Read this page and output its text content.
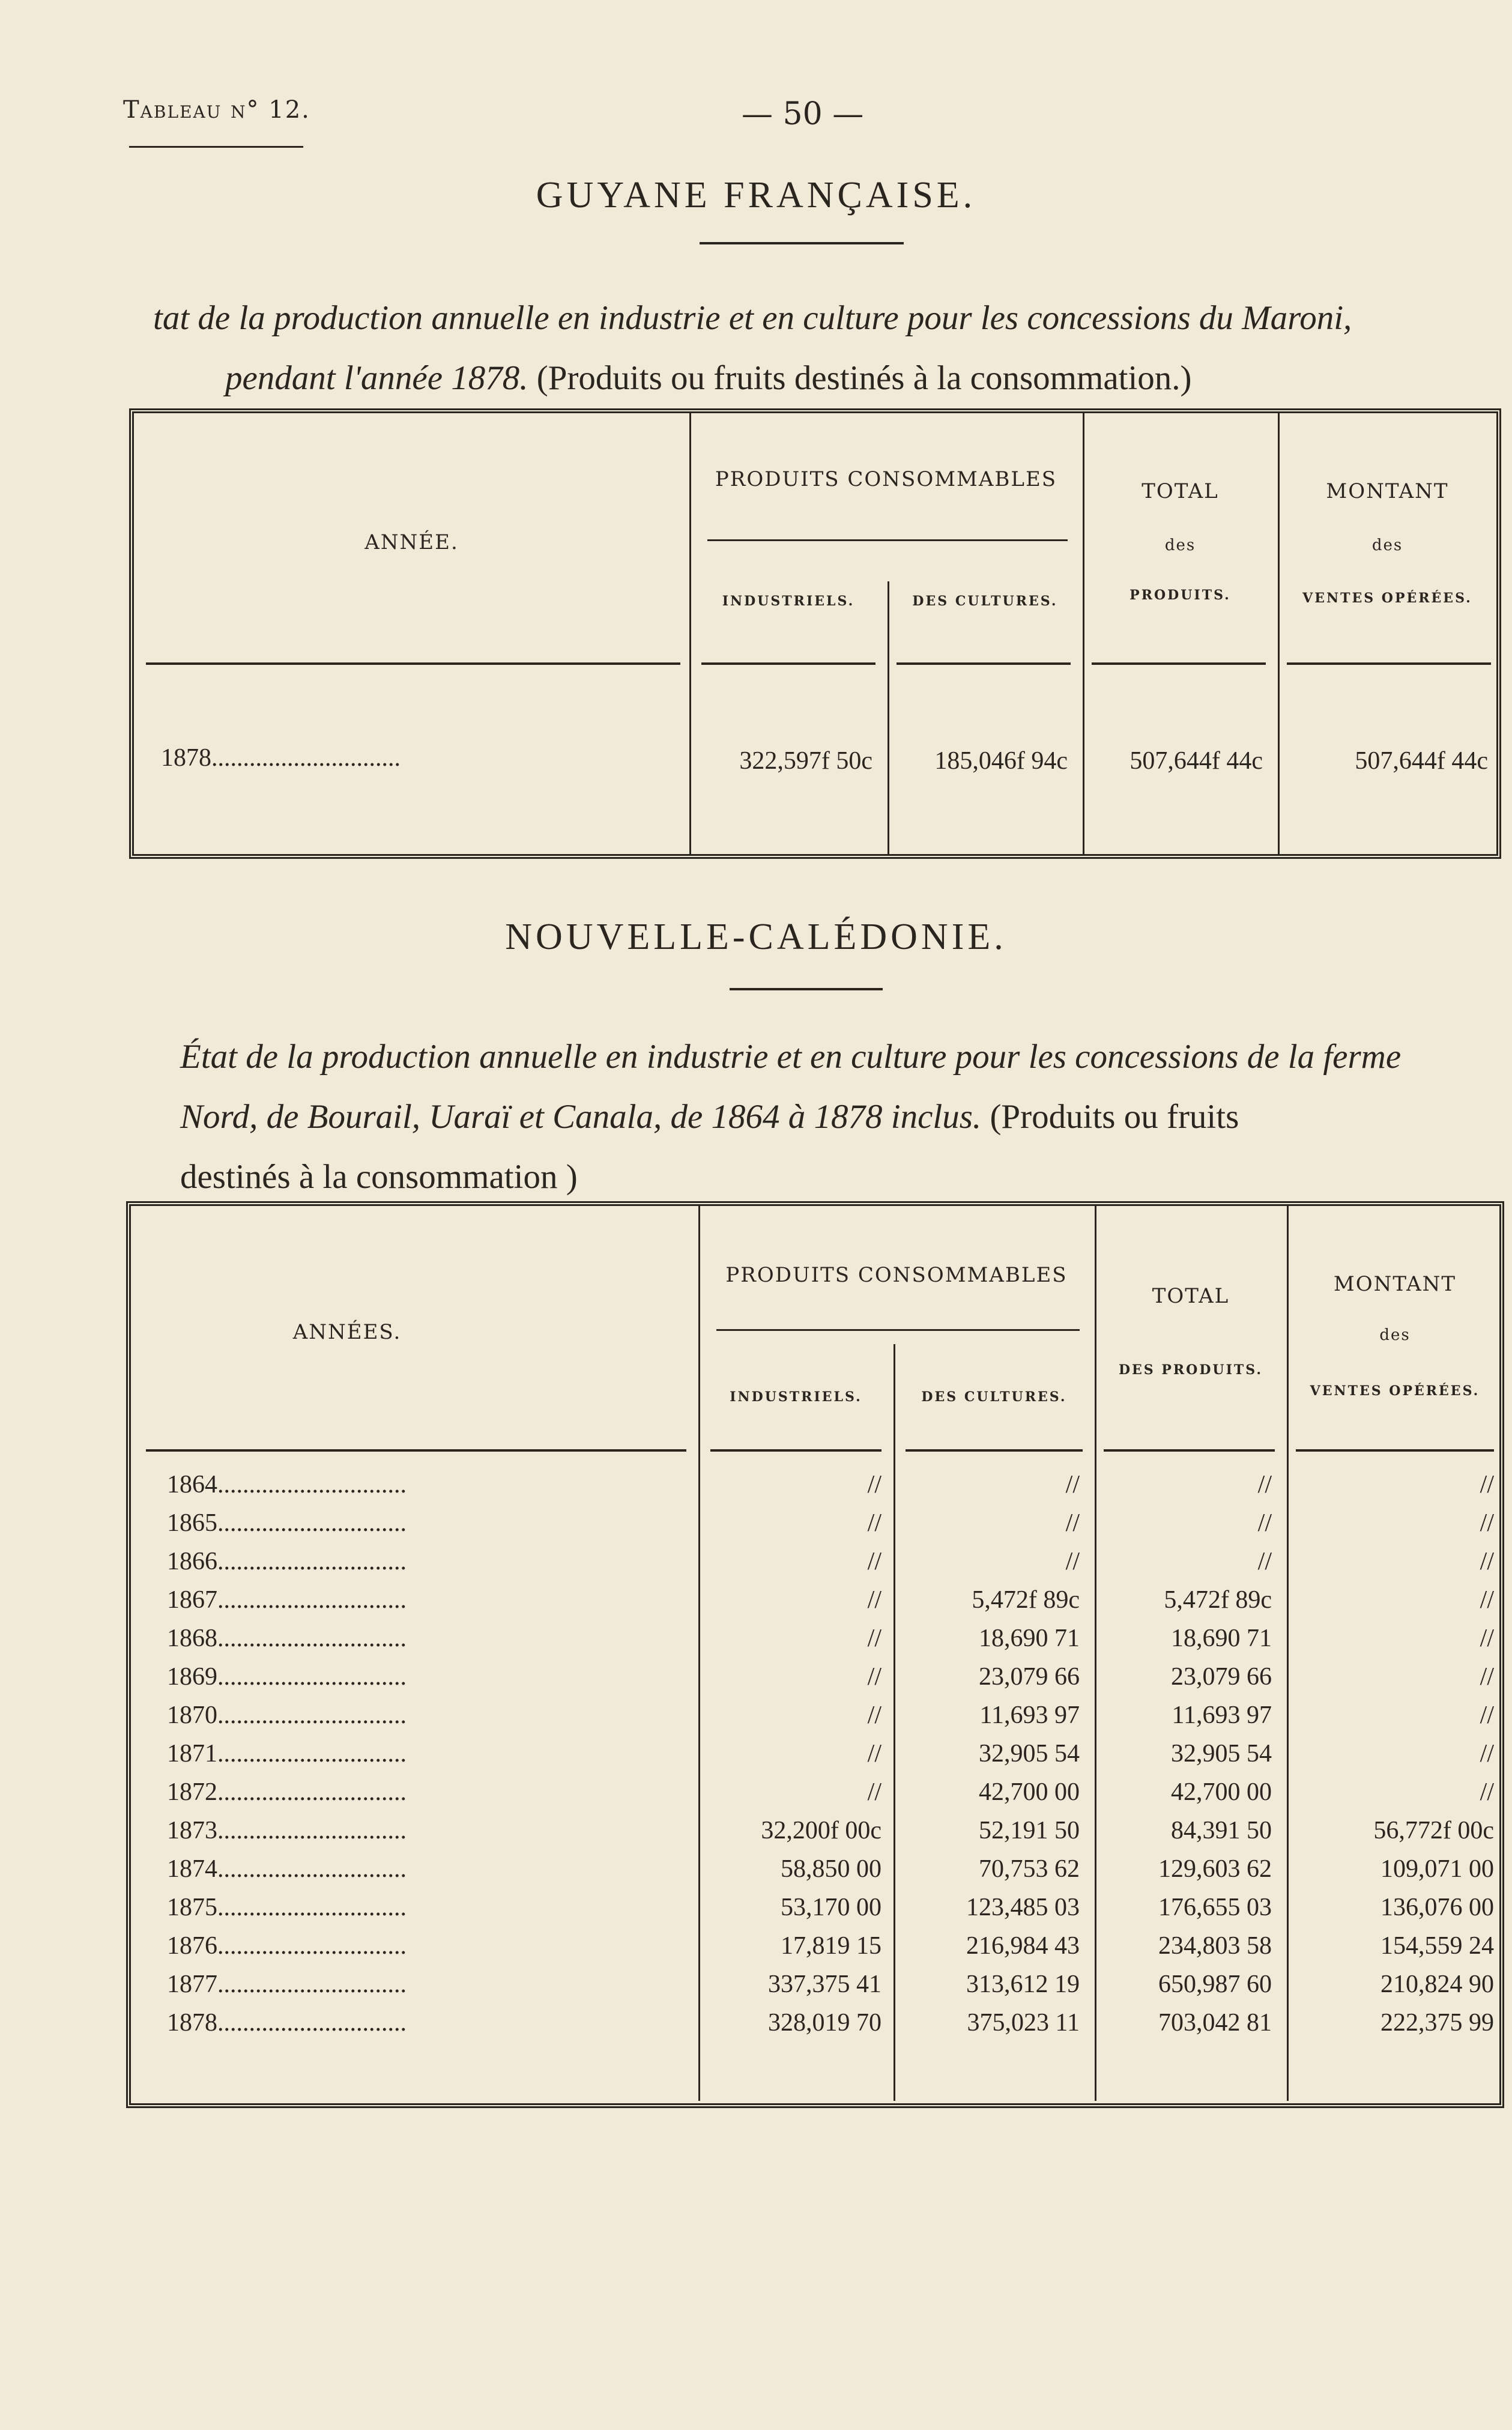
Tableau n° 12.	— 50 —
GUYANE FRANÇAISE.
tat de la production annuelle en industrie et en culture pour les concessions du Maroni,
pendant l'année 1878. (Produits ou fruits destinés à la consommation.)
ANNÉE.
PRODUITS CONSOMMABLES
INDUSTRIELS.	DES CULTURES.
TOTAL
des
PRODUITS.
MONTANT
des
VENTES OPÉRÉES.
1878..............................	322,597f 50c	185,046f 94c	507,644f 44c	507,644f 44c
NOUVELLE-CALÉDONIE.
État de la production annuelle en industrie et en culture pour les concessions de la ferme
Nord, de Bourail, Uaraï et Canala, de 1864 à 1878 inclus. (Produits ou fruits
destinés à la consommation )
ANNÉES.
PRODUITS CONSOMMABLES
INDUSTRIELS.	DES CULTURES.
TOTAL
DES PRODUITS.
MONTANT
des
VENTES OPÉRÉES.
1864..............................	//	//	//	//
1865..............................	//	//	//	//
1866..............................	//	//	//	//
1867..............................	//	5,472f 89c	5,472f 89c	//
1868..............................	//	18,690 71	18,690 71	//
1869..............................	//	23,079 66	23,079 66	//
1870..............................	//	11,693 97	11,693 97	//
1871..............................	//	32,905 54	32,905 54	//
1872..............................	//	42,700 00	42,700 00	//
1873..............................	32,200f 00c	52,191 50	84,391 50	56,772f 00c
1874..............................	58,850 00	70,753 62	129,603 62	109,071 00
1875..............................	53,170 00	123,485 03	176,655 03	136,076 00
1876..............................	17,819 15	216,984 43	234,803 58	154,559 24
1877..............................	337,375 41	313,612 19	650,987 60	210,824 90
1878..............................	328,019 70	375,023 11	703,042 81	222,375 99
